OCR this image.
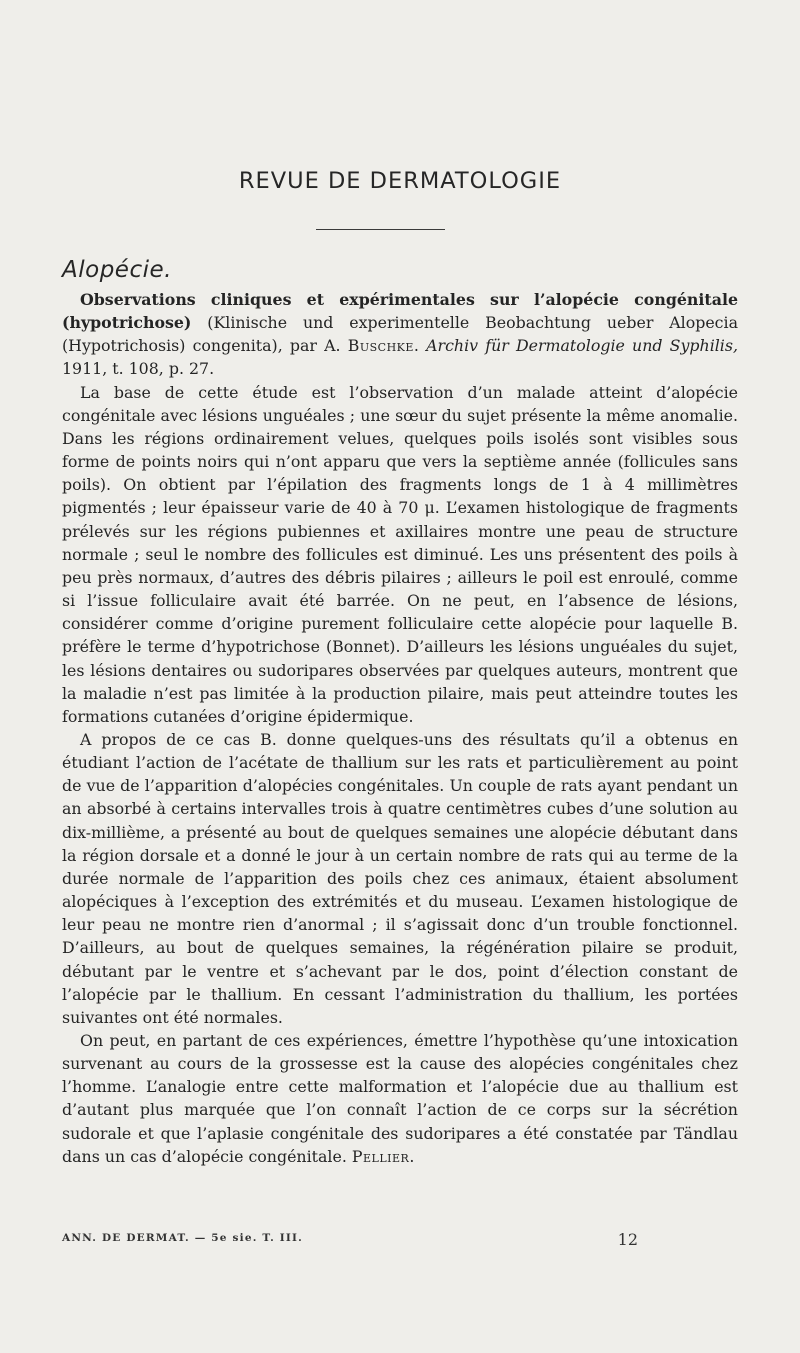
REVUE DE DERMATOLOGIE
Alopécie.

Observations cliniques et expérimentales sur l’alopécie congénitale (hypotrichose) (Klinische und experimentelle Beobachtung ueber Alopecia (Hypotrichosis) congenita), par A. Buschke. Archiv für Dermatologie und Syphilis, 1911, t. 108, p. 27.

La base de cette étude est l’observation d’un malade atteint d’alopécie congénitale avec lésions unguéales ; une sœur du sujet présente la même anomalie. Dans les régions ordinairement velues, quelques poils isolés sont visibles sous forme de points noirs qui n’ont apparu que vers la septième année (follicules sans poils). On obtient par l’épilation des fragments longs de 1 à 4 millimètres pigmentés ; leur épaisseur varie de 40 à 70 μ. L’examen histologique de fragments prélevés sur les régions pubiennes et axillaires montre une peau de structure normale ; seul le nombre des follicules est diminué. Les uns présentent des poils à peu près normaux, d’autres des débris pilaires ; ailleurs le poil est enroulé, comme si l’issue folliculaire avait été barrée. On ne peut, en l’absence de lésions, considérer comme d’origine purement folliculaire cette alopécie pour laquelle B. préfère le terme d’hypotrichose (Bonnet). D’ailleurs les lésions unguéales du sujet, les lésions dentaires ou sudoripares observées par quelques auteurs, montrent que la maladie n’est pas limitée à la production pilaire, mais peut atteindre toutes les formations cutanées d’origine épidermique.

A propos de ce cas B. donne quelques-uns des résultats qu’il a obtenus en étudiant l’action de l’acétate de thallium sur les rats et particulièrement au point de vue de l’apparition d’alopécies congénitales. Un couple de rats ayant pendant un an absorbé à certains intervalles trois à quatre centimètres cubes d’une solution au dix-millième, a présenté au bout de quelques semaines une alopécie débutant dans la région dorsale et a donné le jour à un certain nombre de rats qui au terme de la durée normale de l’apparition des poils chez ces animaux, étaient absolument alopéciques à l’exception des extrémités et du museau. L’examen histologique de leur peau ne montre rien d’anormal ; il s’agissait donc d’un trouble fonctionnel. D’ailleurs, au bout de quelques semaines, la régénération pilaire se produit, débutant par le ventre et s’achevant par le dos, point d’élection constant de l’alopécie par le thallium. En cessant l’administration du thallium, les portées suivantes ont été normales.

On peut, en partant de ces expériences, émettre l’hypothèse qu’une intoxication survenant au cours de la grossesse est la cause des alopécies congénitales chez l’homme. L’analogie entre cette malformation et l’alopécie due au thallium est d’autant plus marquée que l’on connaît l’action de ce corps sur la sécrétion sudorale et que l’aplasie congénitale des sudoripares a été constatée par Tändlau dans un cas d’alopécie congénitale. Pellier.

ANN. DE DERMAT. — 5e sie. T. III.	12
